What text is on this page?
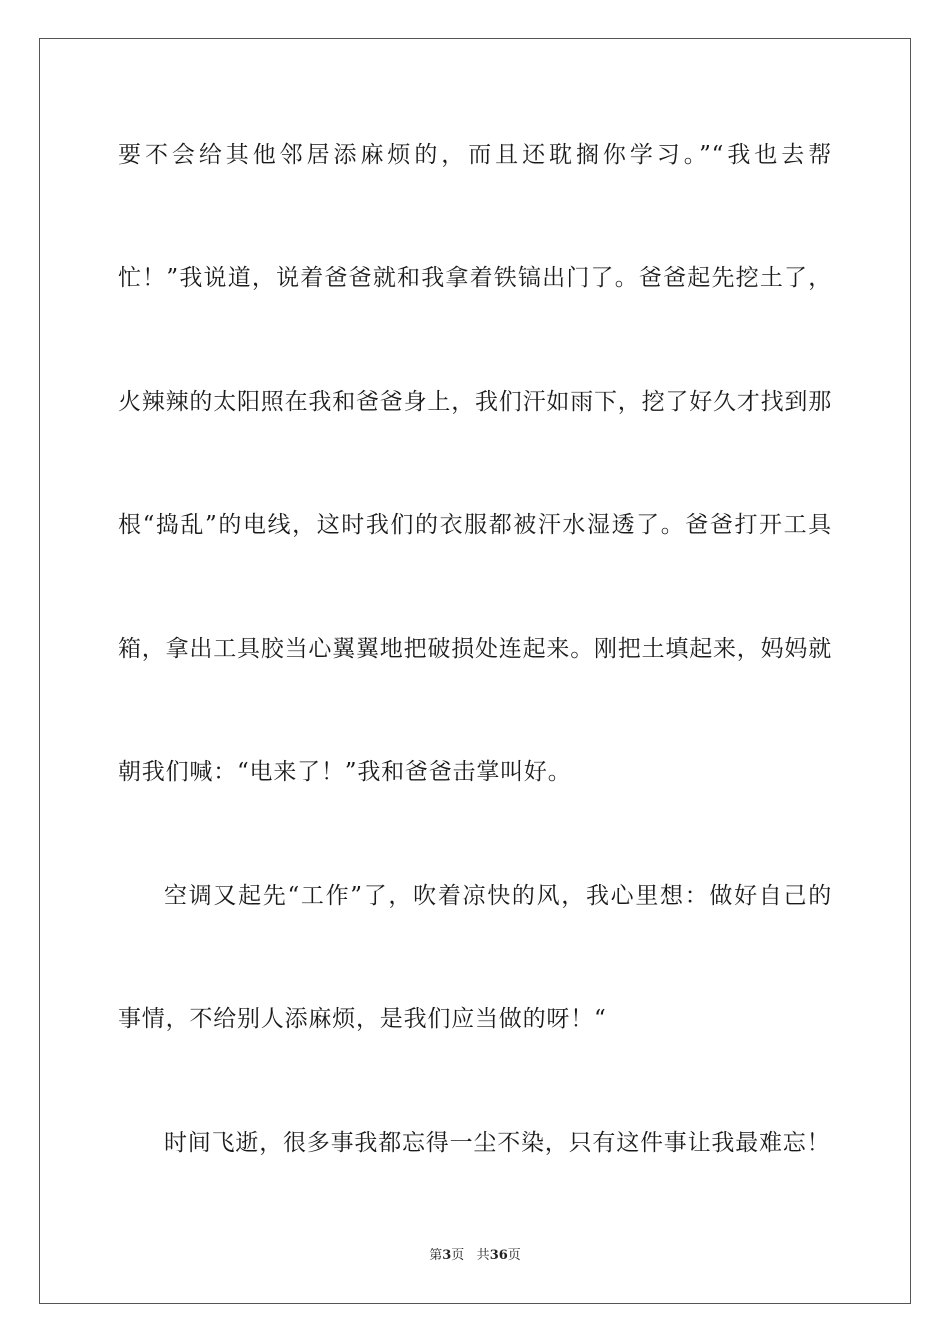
要不会给其他邻居添麻烦的，而且还耽搁你学习。”“我也去帮
忙！”我说道，说着爸爸就和我拿着铁镐出门了。爸爸起先挖土了，
火辣辣的太阳照在我和爸爸身上，我们汗如雨下，挖了好久才找到那
根“捣乱”的电线，这时我们的衣服都被汗水湿透了。爸爸打开工具
箱，拿出工具胶当心翼翼地把破损处连起来。刚把土填起来，妈妈就
朝我们喊：“电来了！”我和爸爸击掌叫好。
空调又起先“工作”了，吹着凉快的风，我心里想：做好自己的
事情，不给别人添麻烦，是我们应当做的呀！“
时间飞逝，很多事我都忘得一尘不染，只有这件事让我最难忘！
第3页 共36页
